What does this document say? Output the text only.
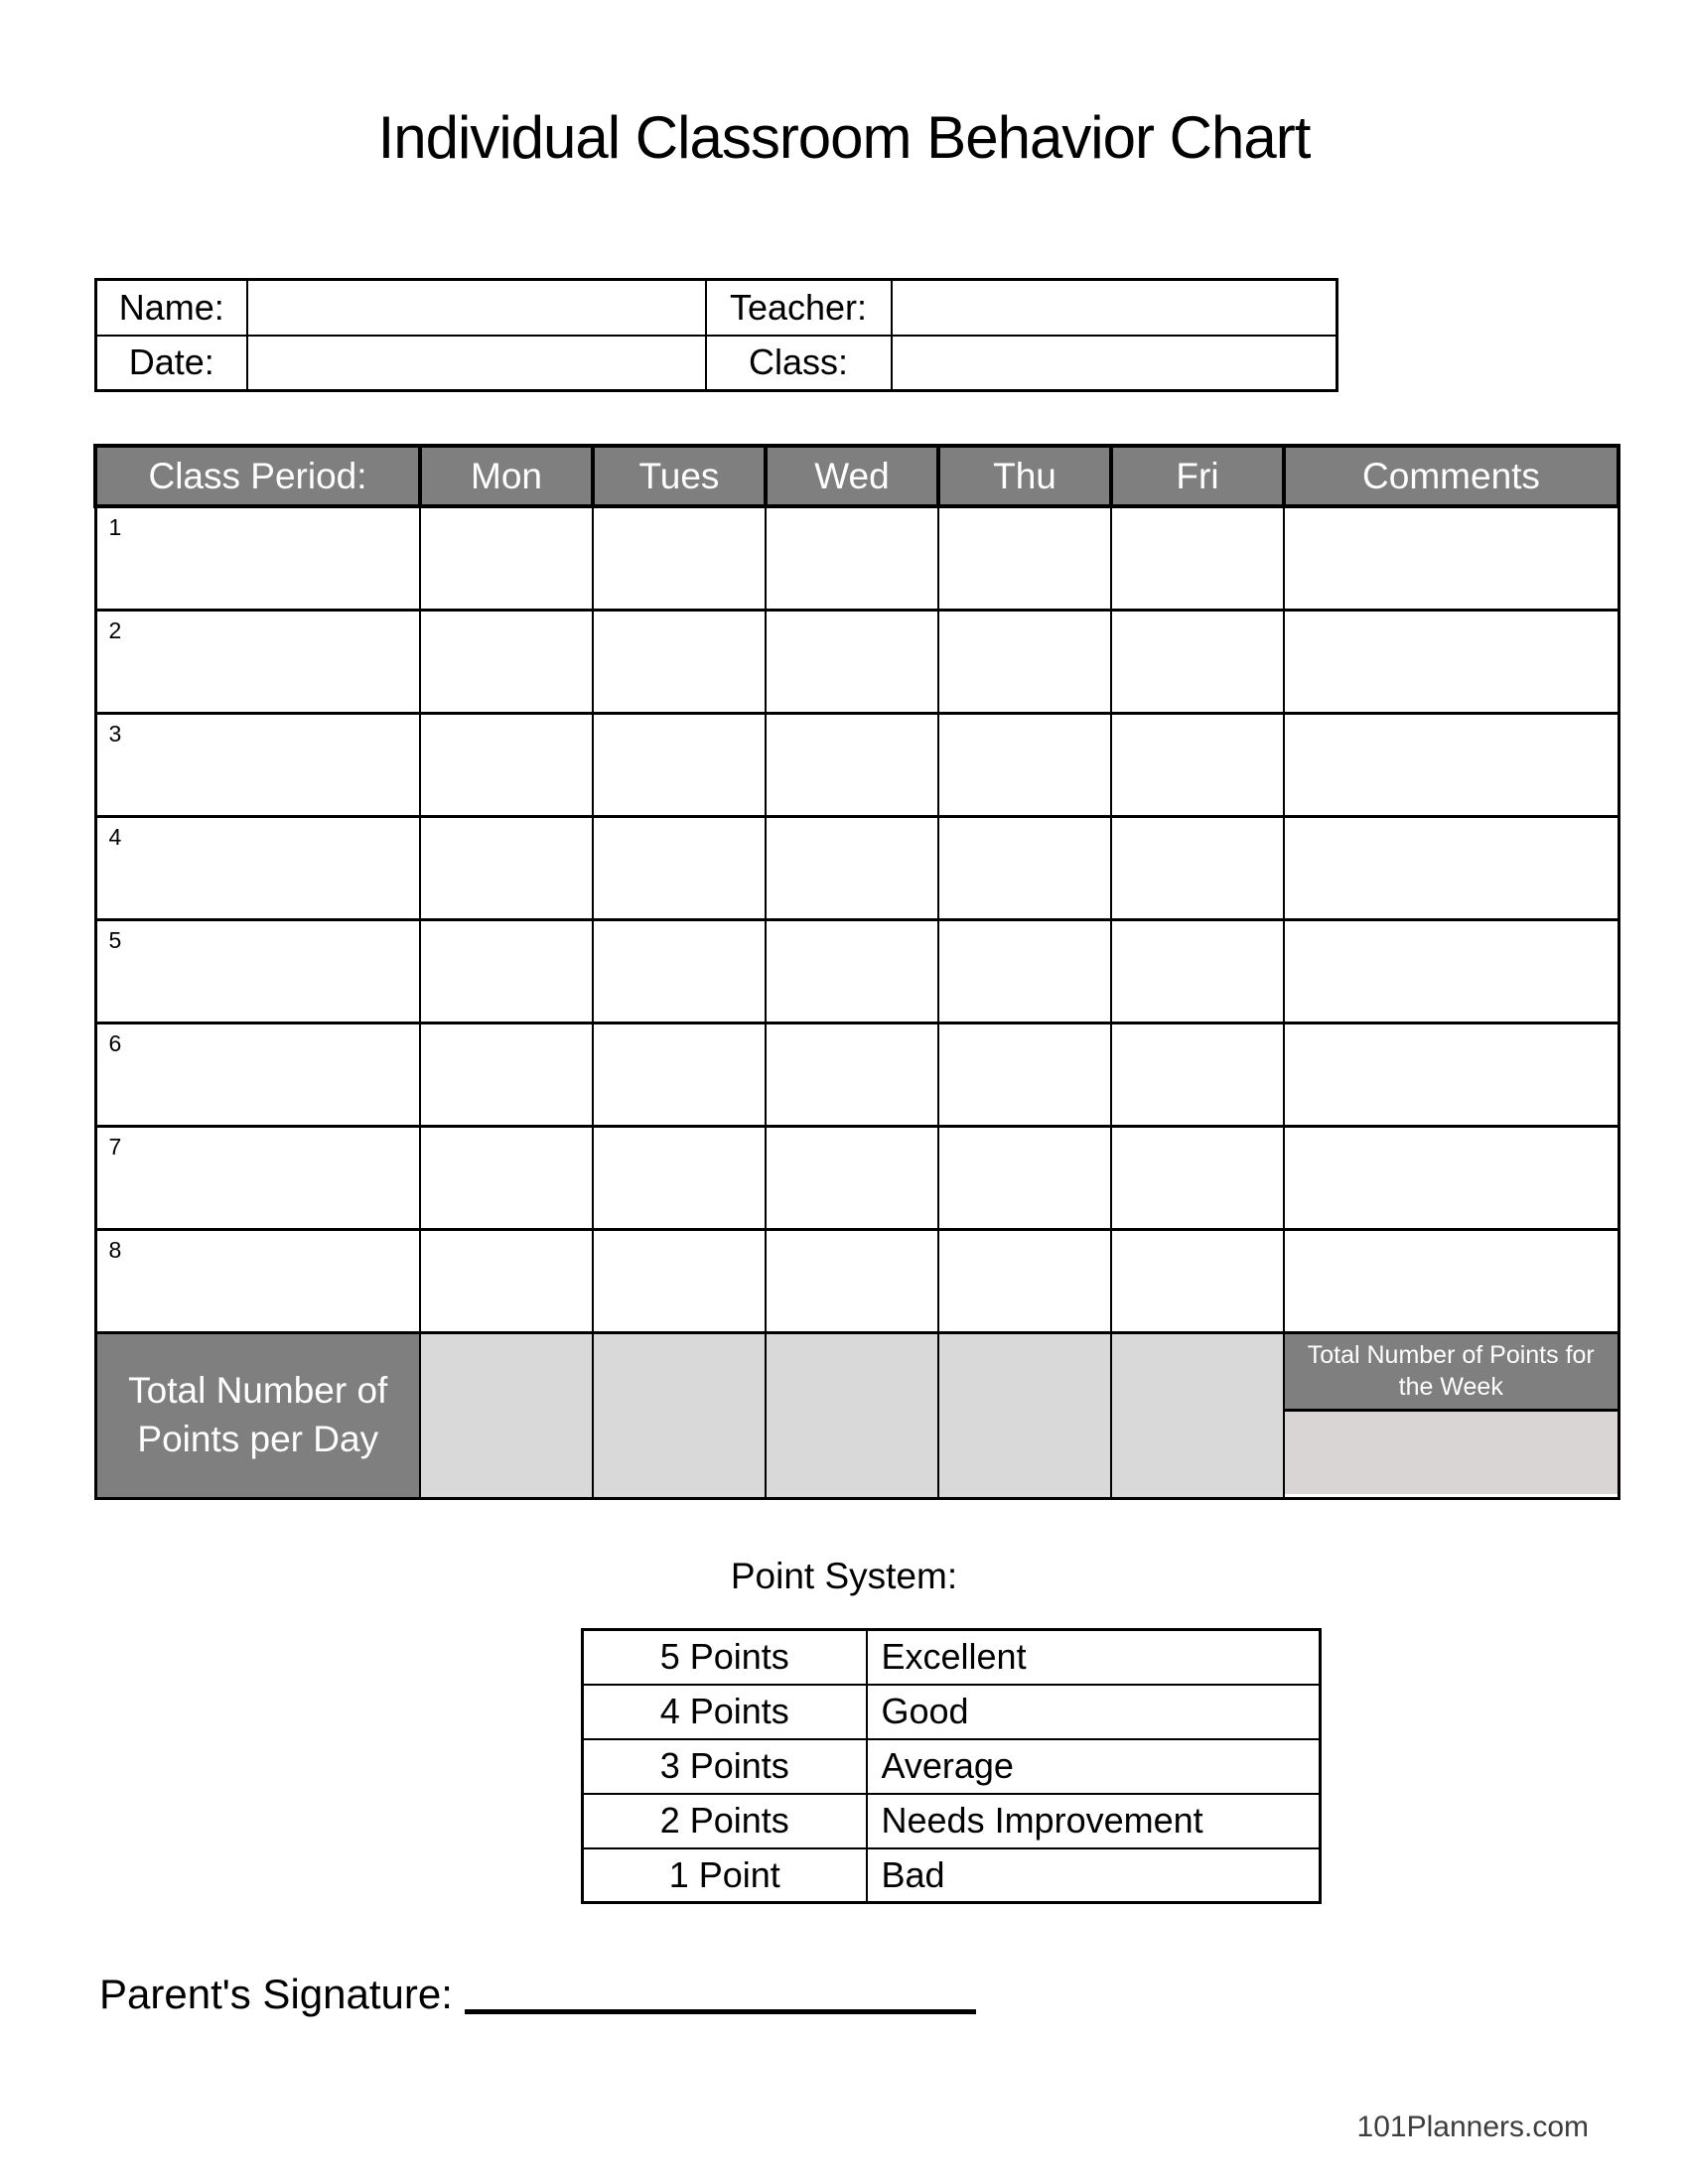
Individual Classroom Behavior Chart
Name:		Teacher:	
Date:		Class:	
Class Period:	Mon	Tues	Wed	Thu	Fri	Comments
1						
2						
3						
4						
5						
6						
7						
8						
Total Number of Points per Day						Total Number of Points for the Week
Point System:
5 Points	Excellent
4 Points	Good
3 Points	Average
2 Points	Needs Improvement
1 Point	Bad
Parent's Signature:
101Planners.com
